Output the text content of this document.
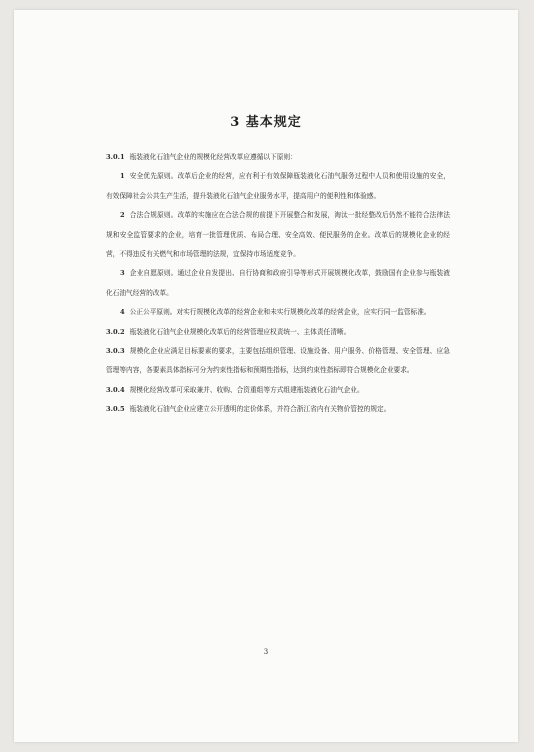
3 基本规定

3.0.1 瓶装液化石油气企业的规模化经营改革应遵循以下原则：

1 安全优先原则。改革后企业的经营，应有利于有效保障瓶装液化石油气服务过程中人员和使用设施的安全，有效保障社会公共生产生活，提升装液化石油气企业服务水平，提高用户的便利性和体验感。

2 合法合规原则。改革的实施应在合法合规的前提下开展整合和发展，淘汰一批经整改后仍然不能符合法律法规和安全监管要求的企业，培育一批管理优质、布局合理、安全高效、便民服务的企业。改革后的规模化企业的经营，不得违反有关燃气和市场管理的法规，宜保持市场适度竞争。

3 企业自愿原则。通过企业自发提出、自行协商和政府引导等形式开展规模化改革，鼓励国有企业参与瓶装液化石油气经营的改革。

4 公正公平原则。对实行规模化改革的经营企业和未实行规模化改革的经营企业，应实行同一监管标准。

3.0.2 瓶装液化石油气企业规模化改革后的经营管理应权责统一、主体责任清晰。

3.0.3 规模化企业应满足目标要素的要求，主要包括组织管理、设施设备、用户服务、价格管理、安全管理、应急管理等内容，各要素具体指标可分为约束性指标和预期性指标，达到约束性指标即符合规模化企业要求。

3.0.4 规模化经营改革可采取兼并、收购、合资重组等方式组建瓶装液化石油气企业。

3.0.5 瓶装液化石油气企业应建立公开透明的定价体系，并符合浙江省内有关物价管控的规定。

3
